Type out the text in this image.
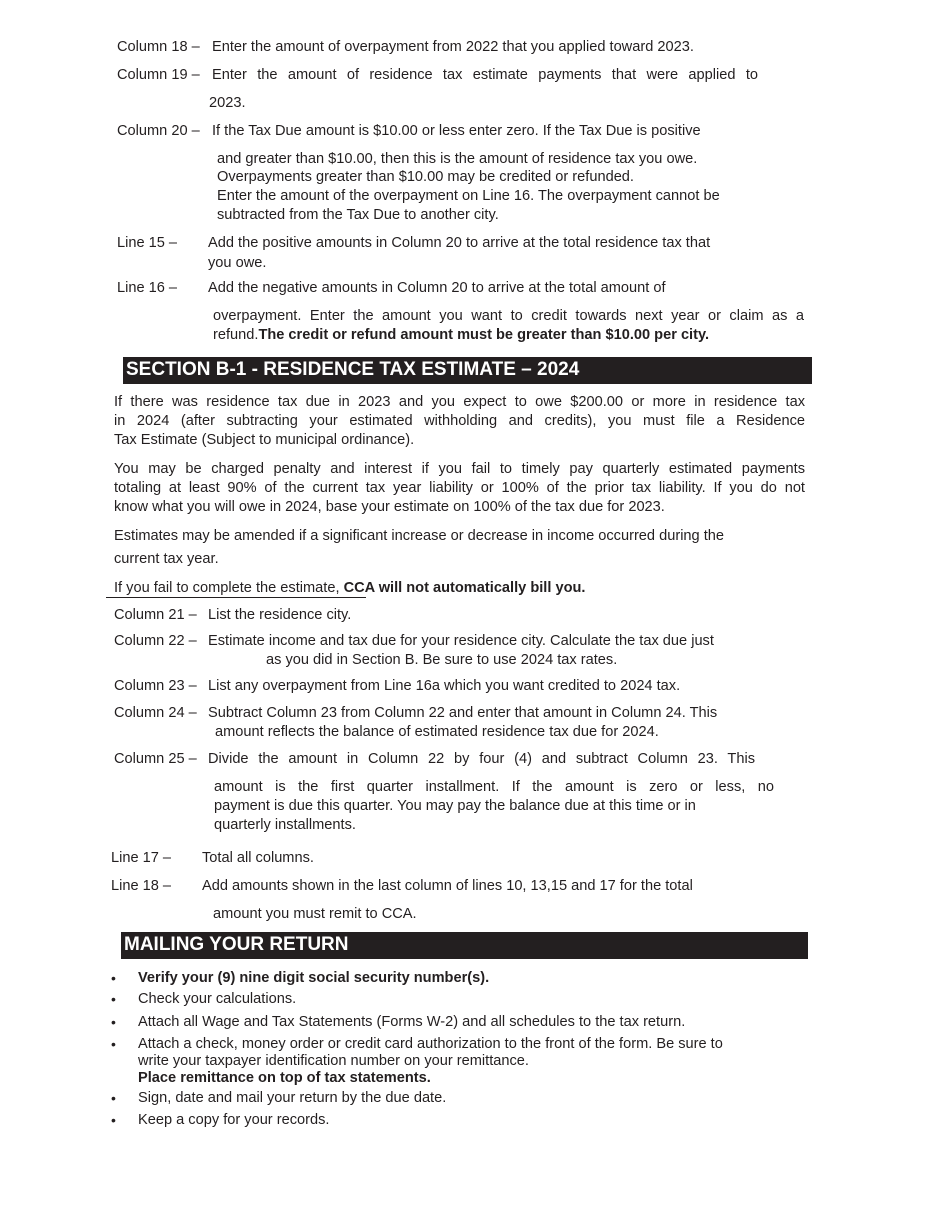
Column 18 – Enter the amount of overpayment from 2022 that you applied toward 2023.
Column 19 – Enter the amount of residence tax estimate payments that were applied to
2023.
Column 20 – If the Tax Due amount is $10.00 or less enter zero. If the Tax Due is positive
and greater than $10.00, then this is the amount of residence tax you owe.
Overpayments greater than $10.00 may be credited or refunded.
Enter the amount of the overpayment on Line 16. The overpayment cannot be
subtracted from the Tax Due to another city.
Line 15 – Add the positive amounts in Column 20 to arrive at the total residence tax that
you owe.
Line 16 – Add the negative amounts in Column 20 to arrive at the total amount of
overpayment. Enter the amount you want to credit towards next year or claim as a
refund.The credit or refund amount must be greater than $10.00 per city.
SECTION B-1 - RESIDENCE TAX ESTIMATE – 2024
If there was residence tax due in 2023 and you expect to owe $200.00 or more in residence tax
in 2024 (after subtracting your estimated withholding and credits), you must file a Residence
Tax Estimate (Subject to municipal ordinance).
You may be charged penalty and interest if you fail to timely pay quarterly estimated payments
totaling at least 90% of the current tax year liability or 100% of the prior tax liability. If you do not
know what you will owe in 2024, base your estimate on 100% of the tax due for 2023.
Estimates may be amended if a significant increase or decrease in income occurred during the
current tax year.
If you fail to complete the estimate, CCA will not automatically bill you.
Column 21 – List the residence city.
Column 22 – Estimate income and tax due for your residence city. Calculate the tax due just
as you did in Section B. Be sure to use 2024 tax rates.
Column 23 – List any overpayment from Line 16a which you want credited to 2024 tax.
Column 24 – Subtract Column 23 from Column 22 and enter that amount in Column 24. This
amount reflects the balance of estimated residence tax due for 2024.
Column 25 – Divide the amount in Column 22 by four (4) and subtract Column 23. This
amount is the first quarter installment. If the amount is zero or less, no
payment is due this quarter. You may pay the balance due at this time or in
quarterly installments.
Line 17 – Total all columns.
Line 18 – Add amounts shown in the last column of lines 10, 13,15 and 17 for the total
amount you must remit to CCA.
MAILING YOUR RETURN
• Verify your (9) nine digit social security number(s).
• Check your calculations.
• Attach all Wage and Tax Statements (Forms W-2) and all schedules to the tax return.
• Attach a check, money order or credit card authorization to the front of the form. Be sure to
write your taxpayer identification number on your remittance.
Place remittance on top of tax statements.
• Sign, date and mail your return by the due date.
• Keep a copy for your records.
